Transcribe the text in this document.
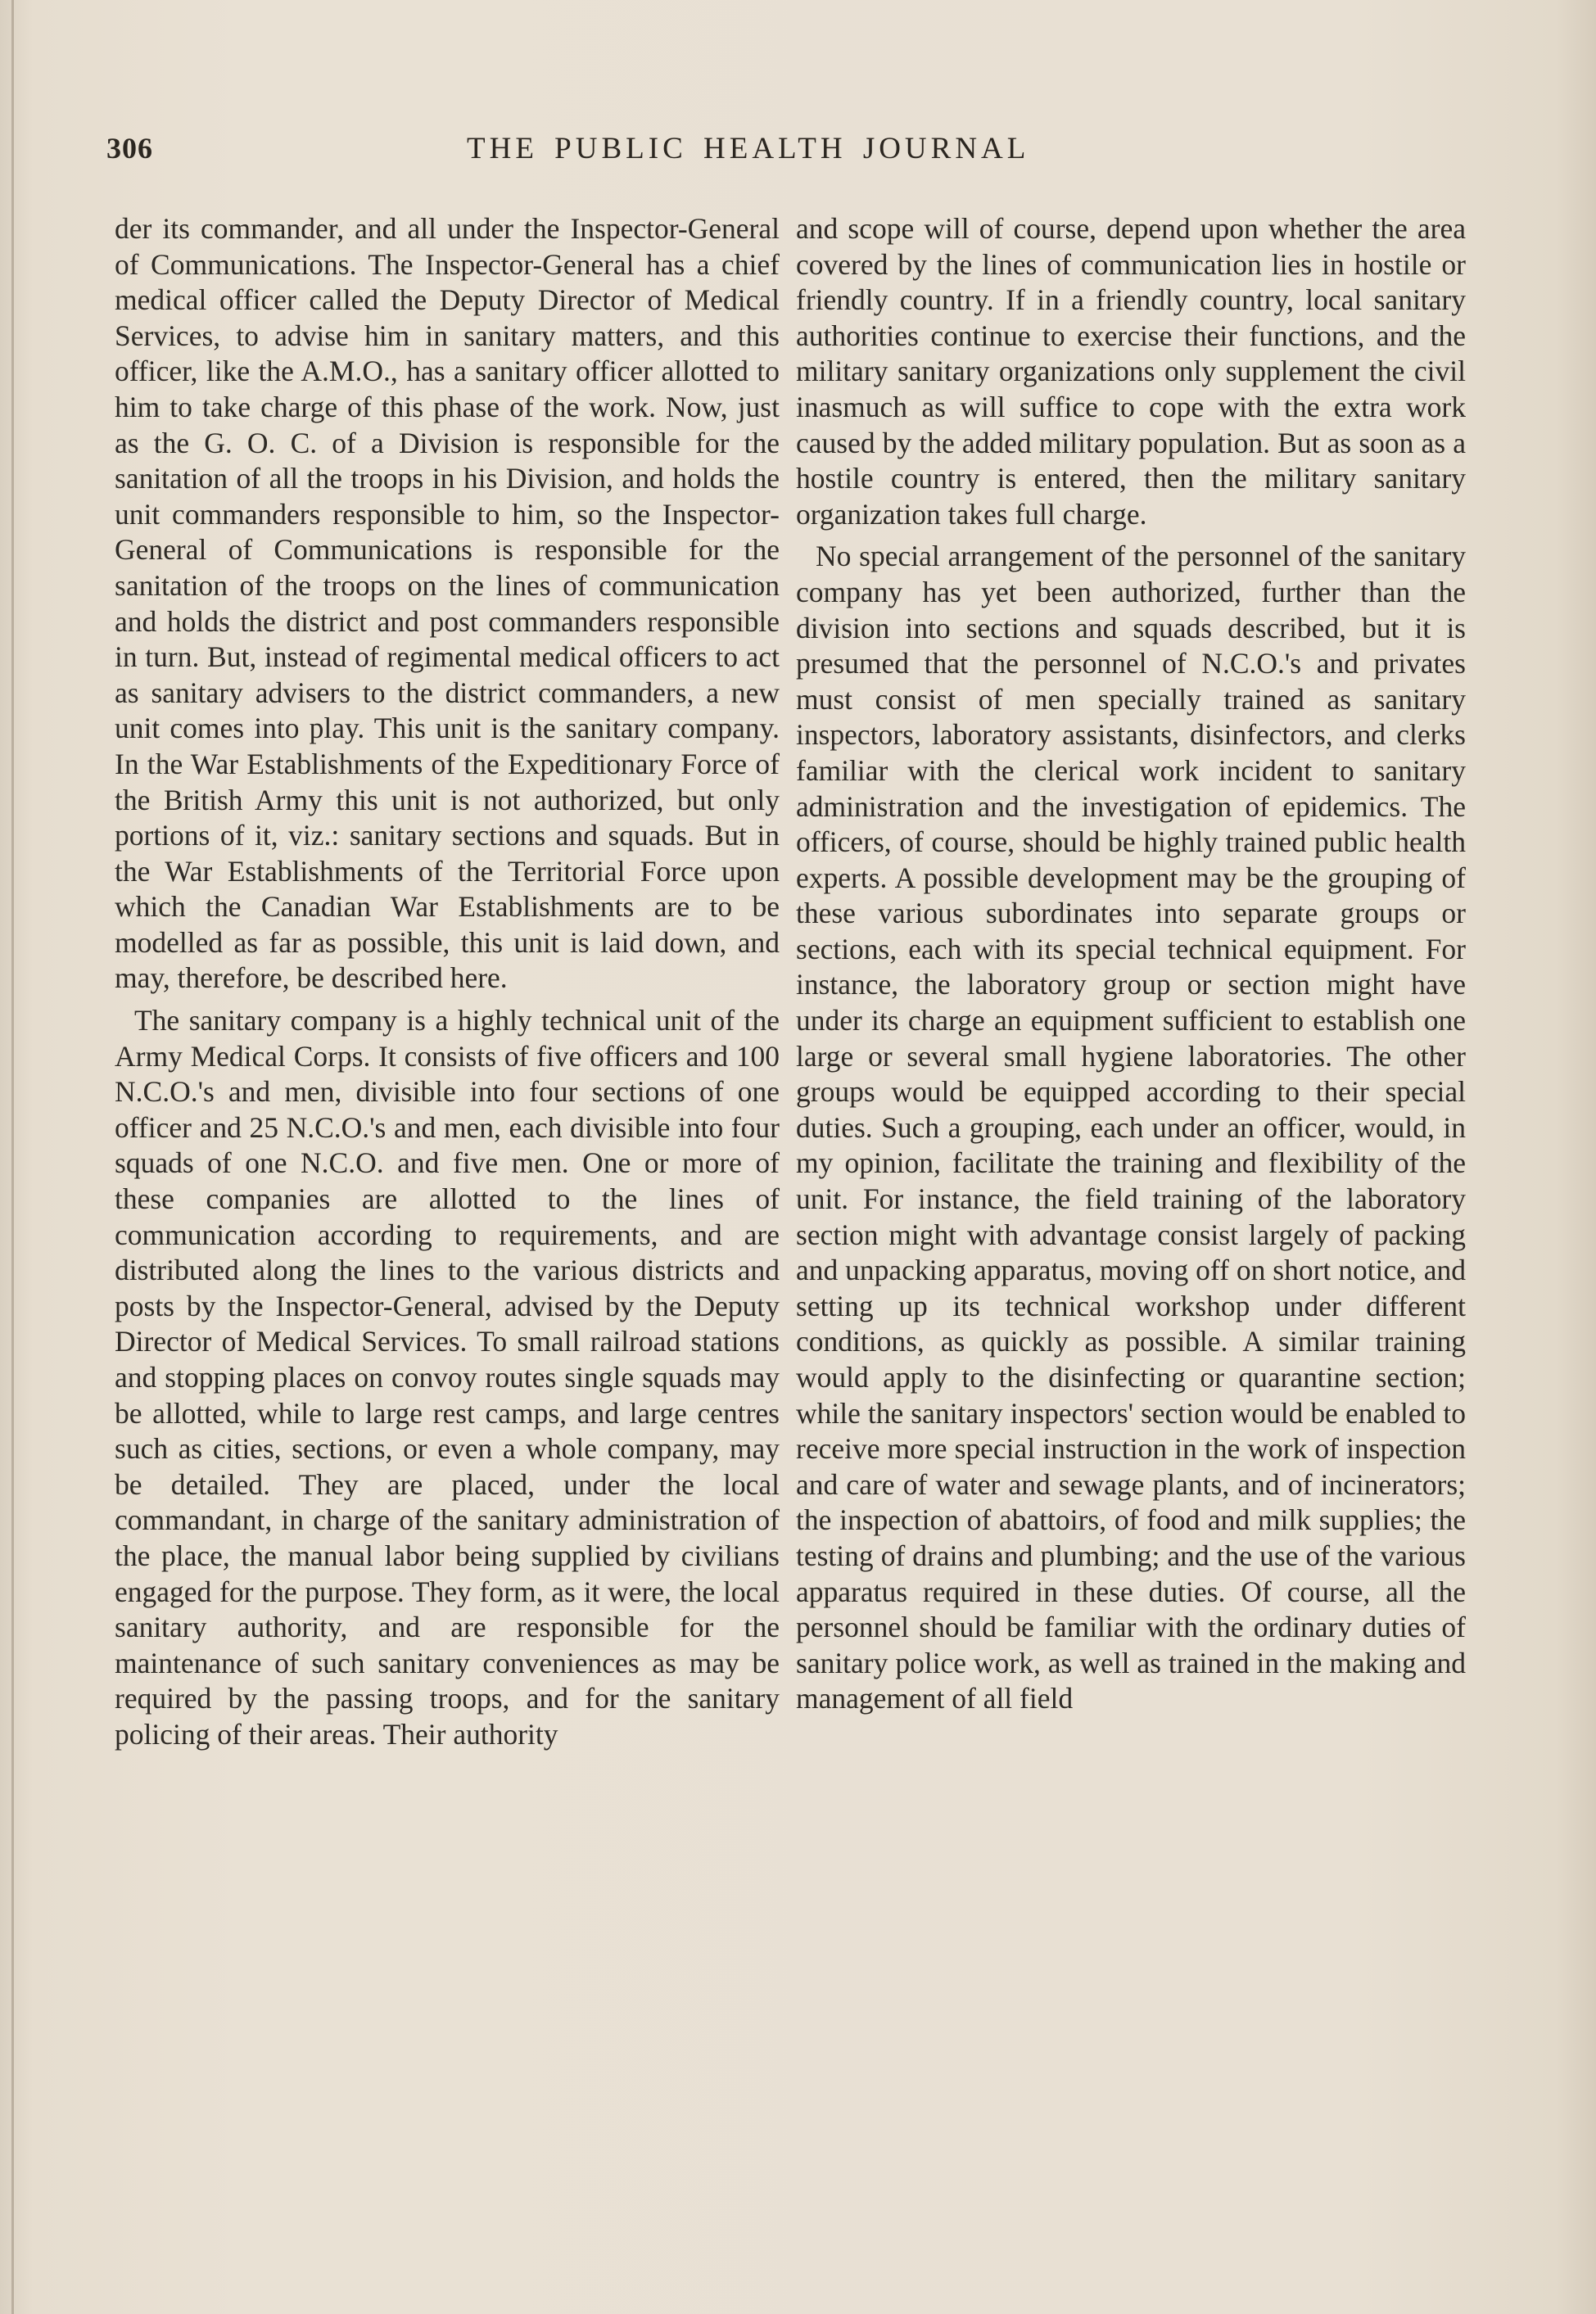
306	THE PUBLIC HEALTH JOURNAL

der its commander, and all under the Inspector-General of Communications. The Inspector-General has a chief medical officer called the Deputy Director of Medical Services, to advise him in sanitary matters, and this officer, like the A.M.O., has a sanitary officer allotted to him to take charge of this phase of the work. Now, just as the G. O. C. of a Division is responsible for the sanitation of all the troops in his Division, and holds the unit commanders responsible to him, so the Inspector-General of Communications is responsible for the sanitation of the troops on the lines of communication and holds the district and post commanders responsible in turn. But, instead of regimental medical officers to act as sanitary advisers to the district commanders, a new unit comes into play. This unit is the sanitary company. In the War Establishments of the Expeditionary Force of the British Army this unit is not authorized, but only portions of it, viz.: sanitary sections and squads. But in the War Establishments of the Territorial Force upon which the Canadian War Establishments are to be modelled as far as possible, this unit is laid down, and may, therefore, be described here.

The sanitary company is a highly technical unit of the Army Medical Corps. It consists of five officers and 100 N.C.O.'s and men, divisible into four sections of one officer and 25 N.C.O.'s and men, each divisible into four squads of one N.C.O. and five men. One or more of these companies are allotted to the lines of communication according to requirements, and are distributed along the lines to the various districts and posts by the Inspector-General, advised by the Deputy Director of Medical Services. To small railroad stations and stopping places on convoy routes single squads may be allotted, while to large rest camps, and large centres such as cities, sections, or even a whole company, may be detailed. They are placed, under the local commandant, in charge of the sanitary administration of the place, the manual labor being supplied by civilians engaged for the purpose. They form, as it were, the local sanitary authority, and are responsible for the maintenance of such sanitary conveniences as may be required by the passing troops, and for the sanitary policing of their areas. Their authority

and scope will of course, depend upon whether the area covered by the lines of communication lies in hostile or friendly country. If in a friendly country, local sanitary authorities continue to exercise their functions, and the military sanitary organizations only supplement the civil inasmuch as will suffice to cope with the extra work caused by the added military population. But as soon as a hostile country is entered, then the military sanitary organization takes full charge.

No special arrangement of the personnel of the sanitary company has yet been authorized, further than the division into sections and squads described, but it is presumed that the personnel of N.C.O.'s and privates must consist of men specially trained as sanitary inspectors, laboratory assistants, disinfectors, and clerks familiar with the clerical work incident to sanitary administration and the investigation of epidemics. The officers, of course, should be highly trained public health experts. A possible development may be the grouping of these various subordinates into separate groups or sections, each with its special technical equipment. For instance, the laboratory group or section might have under its charge an equipment sufficient to establish one large or several small hygiene laboratories. The other groups would be equipped according to their special duties. Such a grouping, each under an officer, would, in my opinion, facilitate the training and flexibility of the unit. For instance, the field training of the laboratory section might with advantage consist largely of packing and unpacking apparatus, moving off on short notice, and setting up its technical workshop under different conditions, as quickly as possible. A similar training would apply to the disinfecting or quarantine section; while the sanitary inspectors' section would be enabled to receive more special instruction in the work of inspection and care of water and sewage plants, and of incinerators; the inspection of abattoirs, of food and milk supplies; the testing of drains and plumbing; and the use of the various apparatus required in these duties. Of course, all the personnel should be familiar with the ordinary duties of sanitary police work, as well as trained in the making and management of all field
